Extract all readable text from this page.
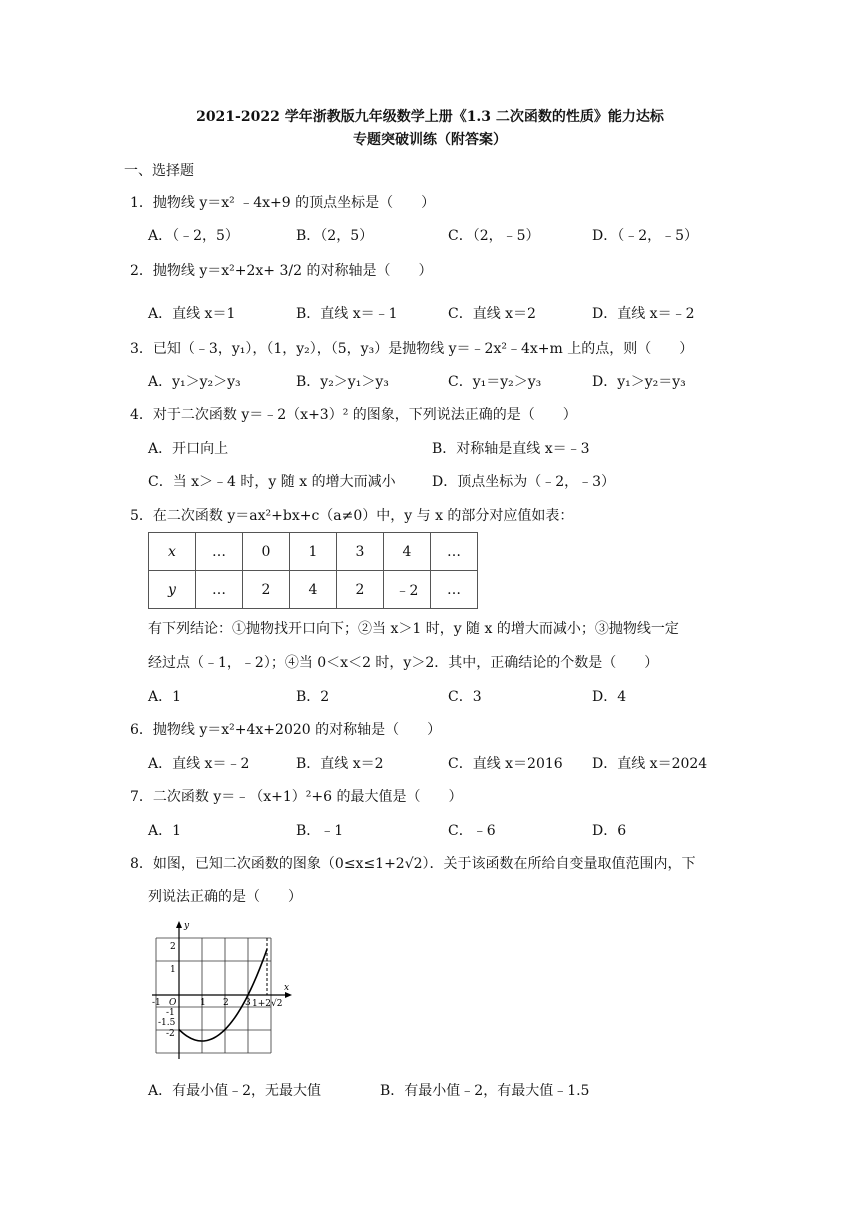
2021-2022 学年浙教版九年级数学上册《1.3 二次函数的性质》能力达标
专题突破训练（附答案）
一、选择题
1．抛物线 y＝x² ﹣4x+9 的顶点坐标是（　　）
A．（﹣2，5）	B．（2，5）	C．（2，﹣5）	D．（﹣2，﹣5）
2．抛物线 y＝x²+2x+ 3/2 的对称轴是（　　）
A．直线 x＝1	B．直线 x＝﹣1	C．直线 x＝2	D．直线 x＝﹣2
3．已知（﹣3，y₁），（1，y₂），（5，y₃）是抛物线 y＝﹣2x²﹣4x+m 上的点，则（　　）
A．y₁＞y₂＞y₃	B．y₂＞y₁＞y₃	C．y₁＝y₂＞y₃	D．y₁＞y₂＝y₃
4．对于二次函数 y＝﹣2（x+3）² 的图象，下列说法正确的是（　　）
A．开口向上	B．对称轴是直线 x＝﹣3
C．当 x＞﹣4 时，y 随 x 的增大而减小	D．顶点坐标为（﹣2，﹣3）
5．在二次函数 y＝ax²+bx+c（a≠0）中，y 与 x 的部分对应值如表：
x	…	0	1	3	4	…
y	…	2	4	2	﹣2	…
有下列结论：①抛物找开口向下；②当 x＞1 时，y 随 x 的增大而减小；③抛物线一定
经过点（﹣1，﹣2）；④当 0＜x＜2 时，y＞2．其中，正确结论的个数是（　　）
A．1	B．2	C．3	D．4
6．抛物线 y＝x²+4x+2020 的对称轴是（　　）
A．直线 x＝﹣2	B．直线 x＝2	C．直线 x＝2016 D．直线 x＝2024
7．二次函数 y＝﹣（x+1）²+6 的最大值是（　　）
A．1	B．﹣1	C．﹣6	D．6
8．如图，已知二次函数的图象（0≤x≤1+2√2）．关于该函数在所给自变量取值范围内，下
列说法正确的是（　　）
y
x
O
2
1
-1
-1.5
-2
-1	1 2 3 1+2√2
A．有最小值﹣2，无最大值	B．有最小值﹣2，有最大值﹣1.5
